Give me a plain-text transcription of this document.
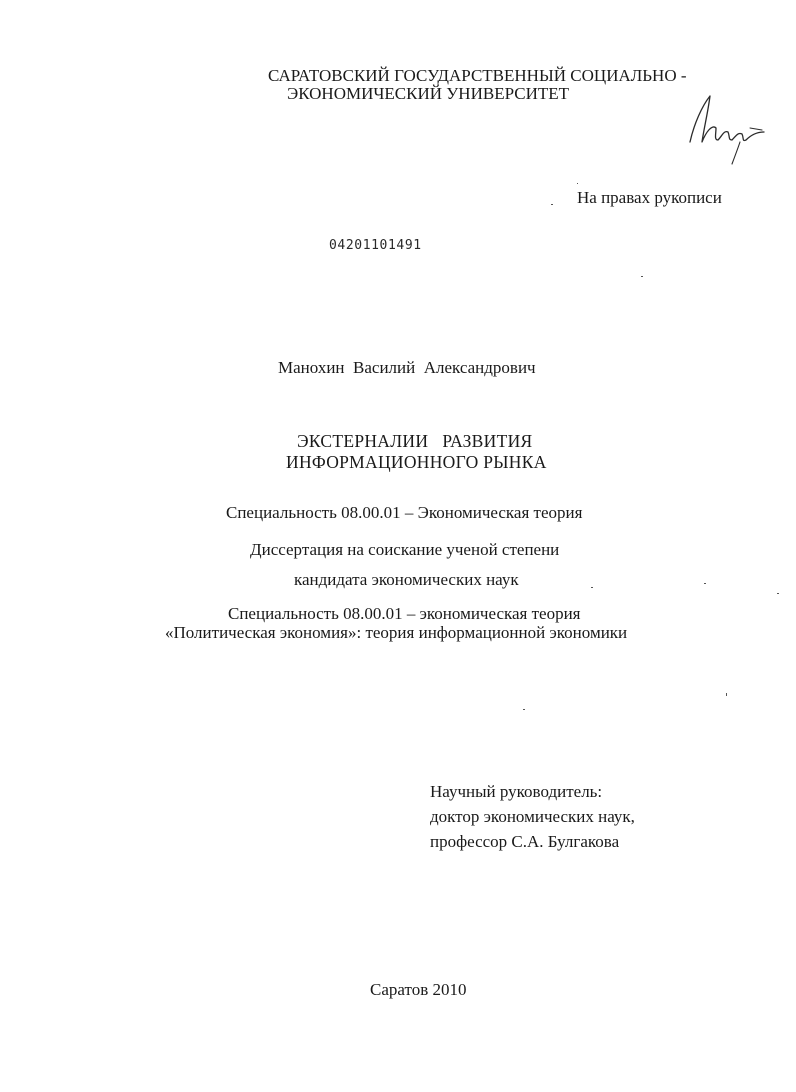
САРАТОВСКИЙ ГОСУДАРСТВЕННЫЙ СОЦИАЛЬНО -
ЭКОНОМИЧЕСКИЙ УНИВЕРСИТЕТ
На правах рукописи
04201101491
Манохин  Василий  Александрович
ЭКСТЕРНАЛИИ   РАЗВИТИЯ
ИНФОРМАЦИОННОГО РЫНКА
Специальность 08.00.01 – Экономическая теория
Диссертация на соискание ученой степени
кандидата экономических наук
Специальность 08.00.01 – экономическая теория
«Политическая экономия»: теория информационной экономики
Научный руководитель:
доктор экономических наук,
профессор С.А. Булгакова
Саратов 2010
